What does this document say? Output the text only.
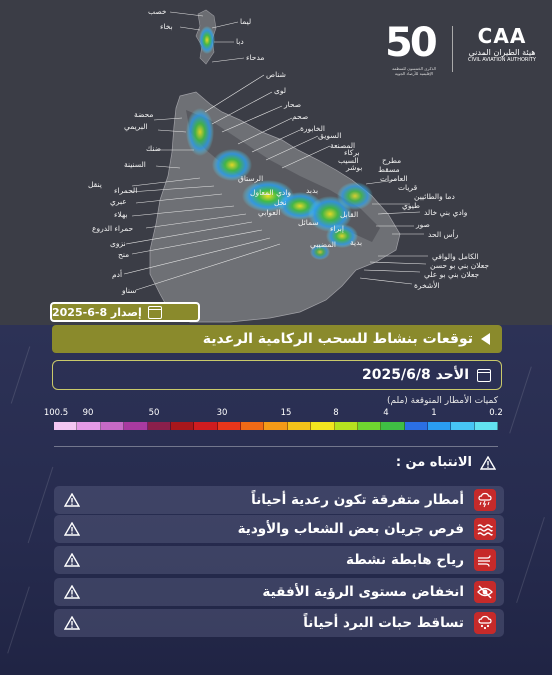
خصب
بخاء
ليما
دبا
مدحاء
شناص
لوى
صحار
صحم
الخابورة
السويق
المصنعة
بركاء
السيب
بوشر
مطرح
مسقط
العامرات
قريات
دما والطائيين
محضة
البريمي
ضنك
السنينة
ينقل
الحمراء
عبري
بهلاء
حمراء الدروع
نزوى
منح
أدم
سناو
طيوي
وادي بني خالد
صور
رأس الحد
الكامل والوافي
جعلان بني بو حسن
جعلان بني بو علي
الأشخرة
الرستاق
وادي المعاول
نخل
العوابي
بدبد
سمائل
المضيبي
إبراء
بدية
القابل
50
الذكرى الخمسون للمنظمة الإقليمية للأرصاد الجوية
CAA
هيئة الطيران المدني
CIVIL AVIATION AUTHORITY
إصدار 8-6-2025
توقعات بنشاط للسحب الركامية الرعدية
الأحد 2025/6/8
كميات الأمطار المتوقعة (ملم)
100.5 90	50	30	15	8	4	1	0.2
الانتباه من :
أمطار متفرقة تكون رعدية أحياناً
فرص جريان بعض الشعاب والأودية
رياح هابطة نشطة
انخفاض مستوى الرؤية الأفقية
تساقط حبات البرد أحياناً
